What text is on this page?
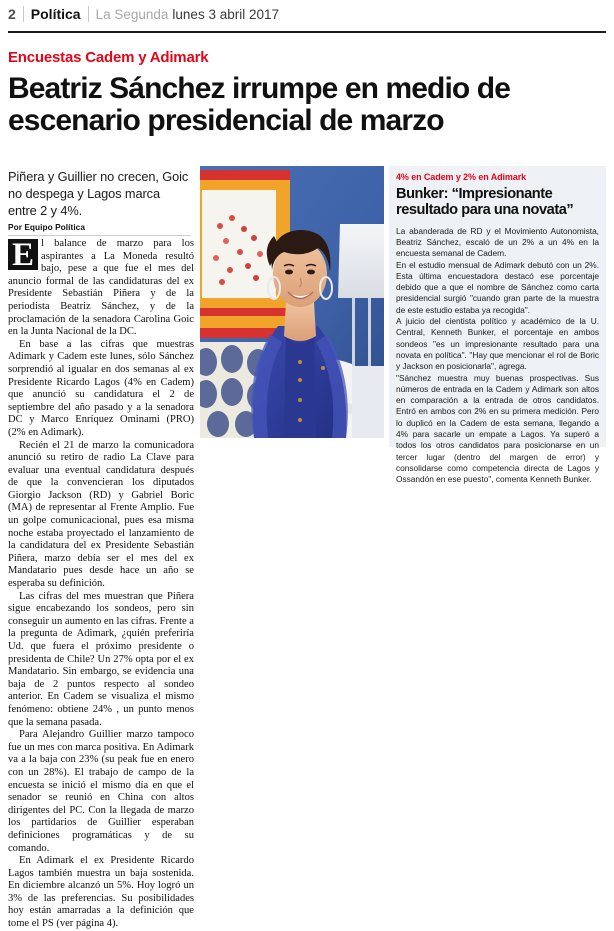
2	Política	La Segunda lunes 3 abril 2017
Encuestas Cadem y Adimark
Beatriz Sánchez irrumpe en medio de
escenario presidencial de marzo
Piñera y Guillier no crecen, Goic no despega y Lagos marca entre 2 y 4%.
Por Equipo Política

E l balance de marzo para los aspirantes a La Moneda resultó bajo, pese a que fue el mes del anuncio formal de las candidaturas del ex Presidente Sebastián Piñera y de la periodista Beatriz Sánchez, y de la proclamación de la senadora Carolina Goic en la Junta Nacional de la DC.

En base a las cifras que muestras Adimark y Cadem este lunes, sólo Sánchez sorprendió al igualar en dos semanas al ex Presidente Ricardo Lagos (4% en Cadem) que anunció su candidatura el 2 de septiembre del año pasado y a la senadora DC y Marco Enríquez Ominami (PRO) (2% en Adimark).

Recién el 21 de marzo la comunicadora anunció su retiro de radio La Clave para evaluar una eventual candidatura después de que la convencieran los diputados Giorgio Jackson (RD) y Gabriel Boric (MA) de representar al Frente Amplio. Fue un golpe comunicacional, pues esa misma noche estaba proyectado el lanzamiento de la candidatura del ex Presidente Sebastián Piñera, marzo debía ser el mes del ex Mandatario pues desde hace un año se esperaba su definición.

Las cifras del mes muestran que Piñera sigue encabezando los sondeos, pero sin conseguir un aumento en las cifras. Frente a la pregunta de Adimark, ¿quién preferiría Ud. que fuera el próximo presidente o presidenta de Chile? Un 27% opta por el ex Mandatario. Sin embargo, se evidencia una baja de 2 puntos respecto al sondeo anterior. En Cadem se visualiza el mismo fenómeno: obtiene 24% , un punto menos que la semana pasada.

Para Alejandro Guillier marzo tampoco fue un mes con marca positiva. En Adimark va a la baja con 23% (su peak fue en enero con un 28%). El trabajo de campo de la encuesta se inició el mismo día en que el senador se reunió en China con altos dirigentes del PC. Con la llegada de marzo los partidarios de Guillier esperaban definiciones programáticas y de su comando.

En Adimark el ex Presidente Ricardo Lagos también muestra un baja sostenida. En diciembre alcanzó un 5%. Hoy logró un 3% de las preferencias. Su posibilidades hoy están amarradas a la definición que tome el PS (ver página 4).

4% en Cadem y 2% en Adimark
Bunker: “Impresionante
resultado para una novata”

La abanderada de RD y el Movimiento Autonomista, Beatriz Sánchez, escaló de un 2% a un 4% en la encuesta semanal de Cadem.

En el estudio mensual de Adimark debutó con un 2%. Esta última encuestadora destacó ese porcentaje debido que a que el nombre de Sánchez como carta presidencial surgió "cuando gran parte de la muestra de este estudio estaba ya recogida".

A juicio del cientista político y académico de la U. Central, Kenneth Bunker, el porcentaje en ambos sondeos "es un impresionante resultado para una novata en política". "Hay que mencionar el rol de Boric y Jackson en posicionarla", agrega.

"Sánchez muestra muy buenas prospectivas. Sus números de entrada en la Cadem y Adimark son altos en comparación a la entrada de otros candidatos. Entró en ambos con 2% en su primera medición. Pero lo duplicó en la Cadem de esta semana, llegando a 4% para sacarle un empate a Lagos. Ya superó a todos los otros candidatos para posicionarse en un tercer lugar (dentro del margen de error) y consolidarse como competencia directa de Lagos y Ossandón en ese puesto", comenta Kenneth Bunker.
